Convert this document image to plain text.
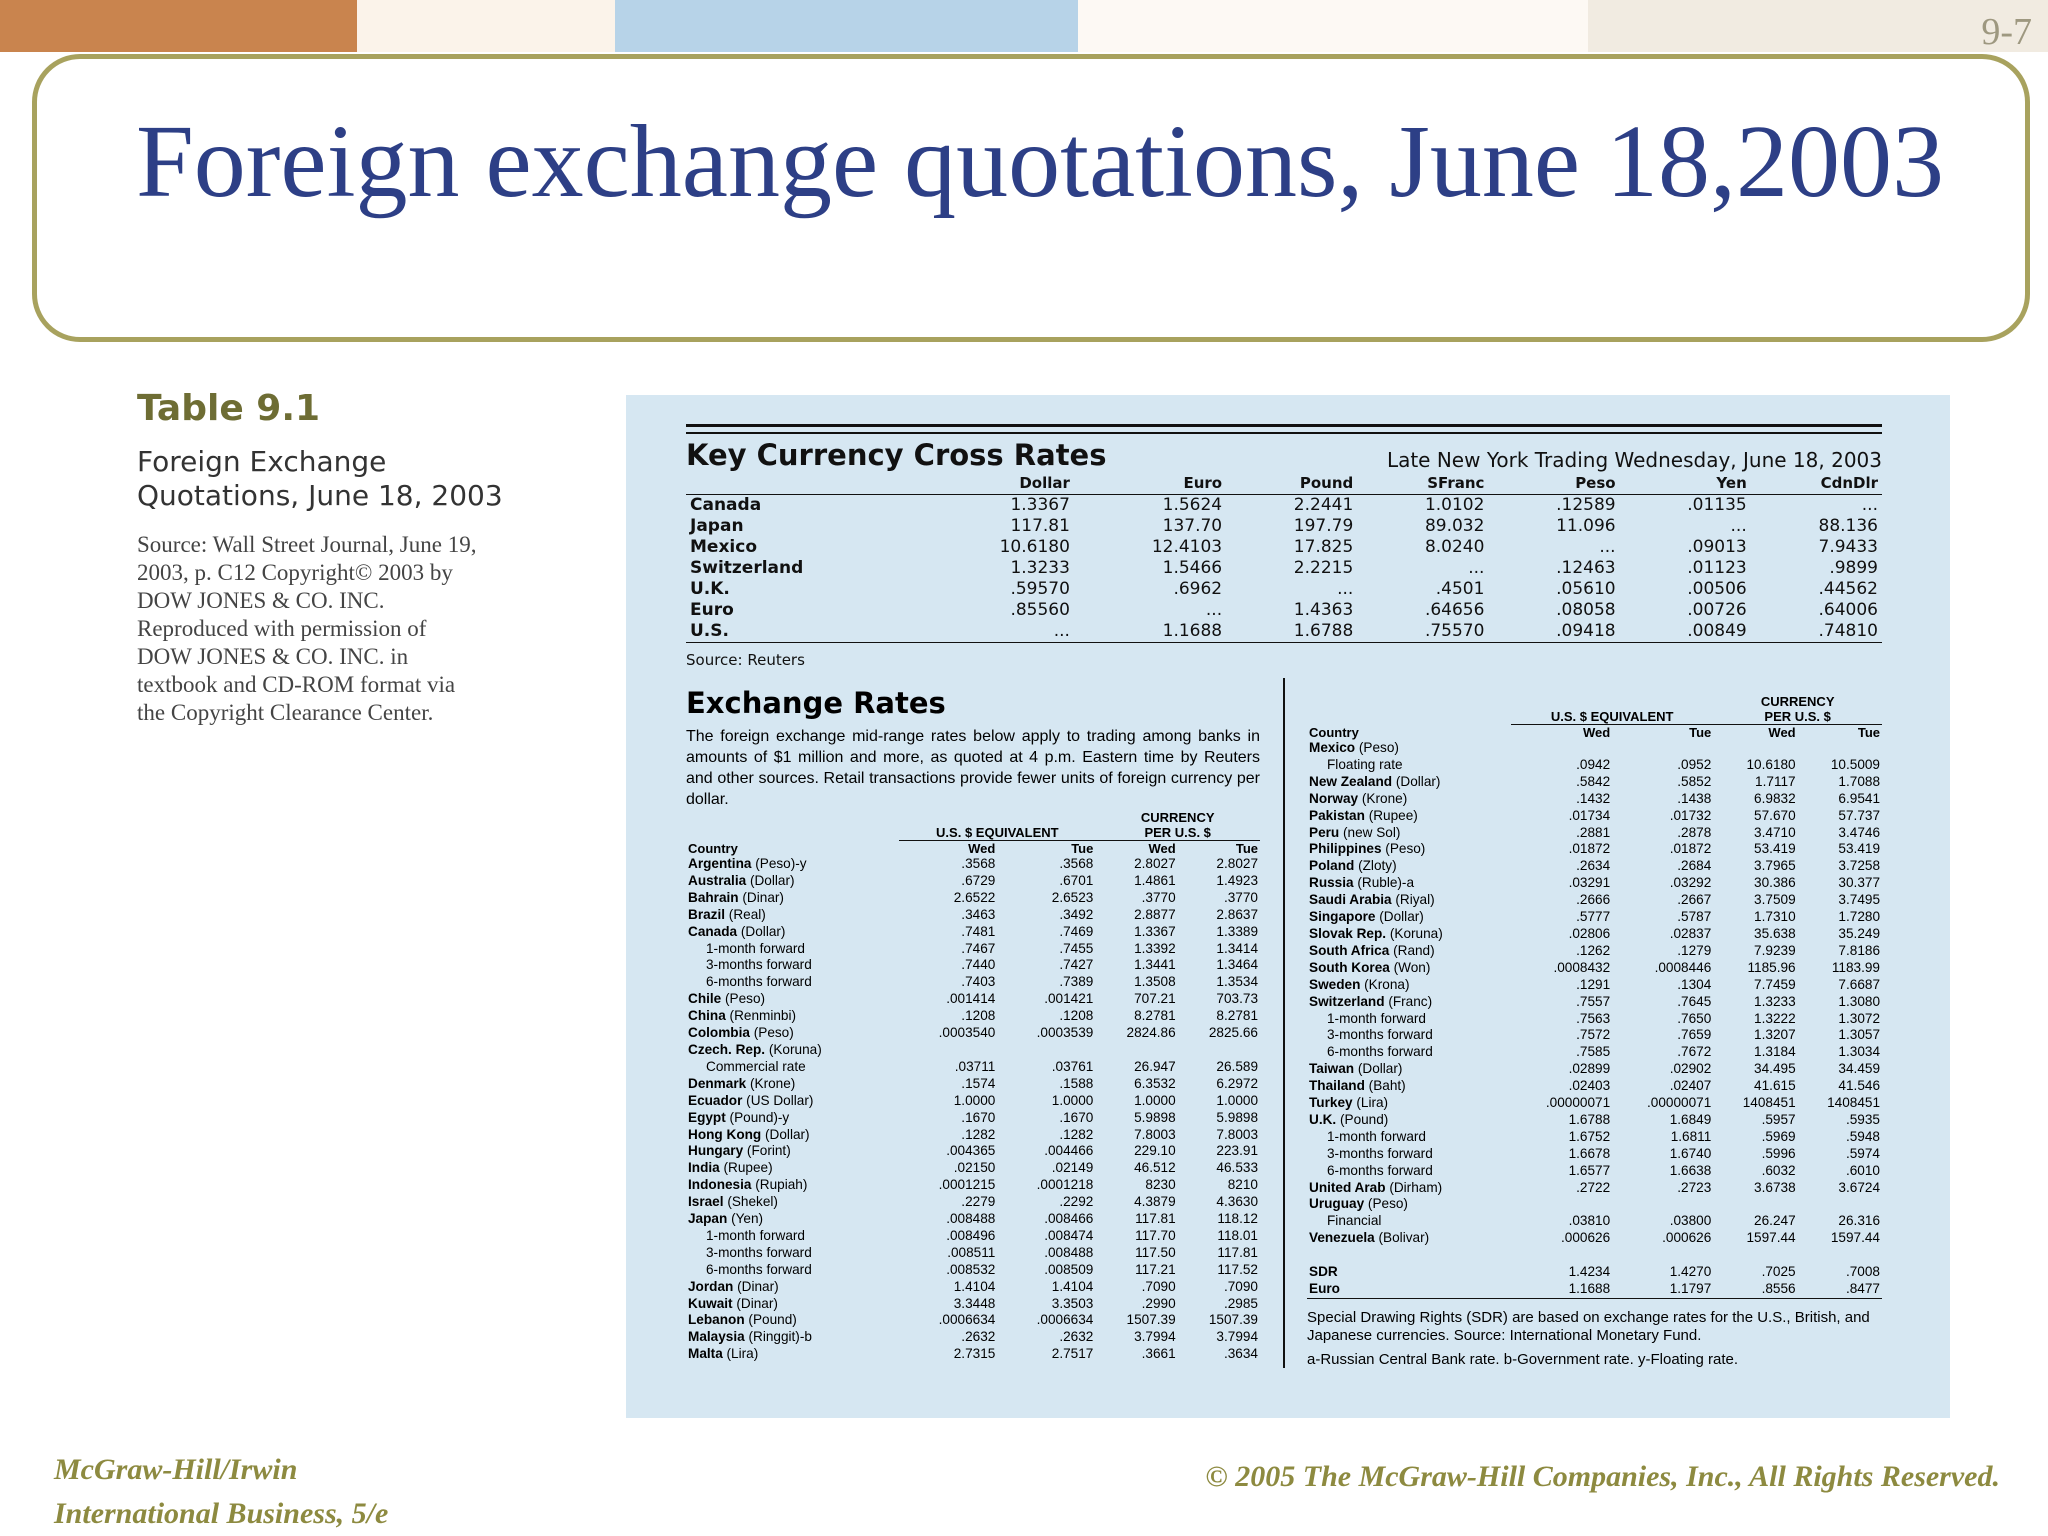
9-7
Foreign exchange quotations, June 18,2003
Table 9.1
Foreign Exchange
Quotations, June 18, 2003
Source: Wall Street Journal, June 19,
2003, p. C12 Copyright© 2003 by
DOW JONES & CO. INC.
Reproduced with permission of
DOW JONES & CO. INC. in
textbook and CD-ROM format via
the Copyright Clearance Center.
Key Currency Cross Rates	Late New York Trading Wednesday, June 18, 2003
	Dollar	Euro	Pound	SFranc	Peso	Yen	CdnDlr
Canada	1.3367	1.5624	2.2441	1.0102	.12589	.01135	...
Japan	117.81	137.70	197.79	89.032	11.096	...	88.136
Mexico	10.6180	12.4103	17.825	8.0240	...	.09013	7.9433
Switzerland	1.3233	1.5466	2.2215	...	.12463	.01123	.9899
U.K.	.59570	.6962	...	.4501	.05610	.00506	.44562
Euro	.85560	...	1.4363	.64656	.08058	.00726	.64006
U.S.	...	1.1688	1.6788	.75570	.09418	.00849	.74810
Source: Reuters
Exchange Rates
The foreign exchange mid-range rates below apply to trading among banks in amounts of $1 million and more, as quoted at 4 p.m. Eastern time by Reuters and other sources. Retail transactions provide fewer units of foreign currency per dollar.
			CURRENCY	
	U.S. $ EQUIVALENT		PER U.S. $	
Country	Wed	Tue	Wed	Tue
Argentina (Peso)-y	.3568	.3568	2.8027	2.8027
Australia (Dollar)	.6729	.6701	1.4861	1.4923
Bahrain (Dinar)	2.6522	2.6523	.3770	.3770
Brazil (Real)	.3463	.3492	2.8877	2.8637
Canada (Dollar)	.7481	.7469	1.3367	1.3389
1-month forward	.7467	.7455	1.3392	1.3414
3-months forward	.7440	.7427	1.3441	1.3464
6-months forward	.7403	.7389	1.3508	1.3534
Chile (Peso)	.001414	.001421	707.21	703.73
China (Renminbi)	.1208	.1208	8.2781	8.2781
Colombia (Peso)	.0003540	.0003539	2824.86	2825.66
Czech. Rep. (Koruna)				
Commercial rate	.03711	.03761	26.947	26.589
Denmark (Krone)	.1574	.1588	6.3532	6.2972
Ecuador (US Dollar)	1.0000	1.0000	1.0000	1.0000
Egypt (Pound)-y	.1670	.1670	5.9898	5.9898
Hong Kong (Dollar)	.1282	.1282	7.8003	7.8003
Hungary (Forint)	.004365	.004466	229.10	223.91
India (Rupee)	.02150	.02149	46.512	46.533
Indonesia (Rupiah)	.0001215	.0001218	8230	8210
Israel (Shekel)	.2279	.2292	4.3879	4.3630
Japan (Yen)	.008488	.008466	117.81	118.12
1-month forward	.008496	.008474	117.70	118.01
3-months forward	.008511	.008488	117.50	117.81
6-months forward	.008532	.008509	117.21	117.52
Jordan (Dinar)	1.4104	1.4104	.7090	.7090
Kuwait (Dinar)	3.3448	3.3503	.2990	.2985
Lebanon (Pound)	.0006634	.0006634	1507.39	1507.39
Malaysia (Ringgit)-b	.2632	.2632	3.7994	3.7994
Malta (Lira)	2.7315	2.7517	.3661	.3634
			CURRENCY	
	U.S. $ EQUIVALENT		PER U.S. $	
Country	Wed	Tue	Wed	Tue
Mexico (Peso)				
Floating rate	.0942	.0952	10.6180	10.5009
New Zealand (Dollar)	.5842	.5852	1.7117	1.7088
Norway (Krone)	.1432	.1438	6.9832	6.9541
Pakistan (Rupee)	.01734	.01732	57.670	57.737
Peru (new Sol)	.2881	.2878	3.4710	3.4746
Philippines (Peso)	.01872	.01872	53.419	53.419
Poland (Zloty)	.2634	.2684	3.7965	3.7258
Russia (Ruble)-a	.03291	.03292	30.386	30.377
Saudi Arabia (Riyal)	.2666	.2667	3.7509	3.7495
Singapore (Dollar)	.5777	.5787	1.7310	1.7280
Slovak Rep. (Koruna)	.02806	.02837	35.638	35.249
South Africa (Rand)	.1262	.1279	7.9239	7.8186
South Korea (Won)	.0008432	.0008446	1185.96	1183.99
Sweden (Krona)	.1291	.1304	7.7459	7.6687
Switzerland (Franc)	.7557	.7645	1.3233	1.3080
1-month forward	.7563	.7650	1.3222	1.3072
3-months forward	.7572	.7659	1.3207	1.3057
6-months forward	.7585	.7672	1.3184	1.3034
Taiwan (Dollar)	.02899	.02902	34.495	34.459
Thailand (Baht)	.02403	.02407	41.615	41.546
Turkey (Lira)	.00000071	.00000071	1408451	1408451
U.K. (Pound)	1.6788	1.6849	.5957	.5935
1-month forward	1.6752	1.6811	.5969	.5948
3-months forward	1.6678	1.6740	.5996	.5974
6-months forward	1.6577	1.6638	.6032	.6010
United Arab (Dirham)	.2722	.2723	3.6738	3.6724
Uruguay (Peso)				
Financial	.03810	.03800	26.247	26.316
Venezuela (Bolivar)	.000626	.000626	1597.44	1597.44

SDR	1.4234	1.4270	.7025	.7008
Euro	1.1688	1.1797	.8556	.8477
Special Drawing Rights (SDR) are based on exchange rates for the U.S., British, and Japanese currencies. Source: International Monetary Fund.
a-Russian Central Bank rate. b-Government rate. y-Floating rate.
McGraw-Hill/Irwin
International Business, 5/e
© 2005 The McGraw-Hill Companies, Inc., All Rights Reserved.
